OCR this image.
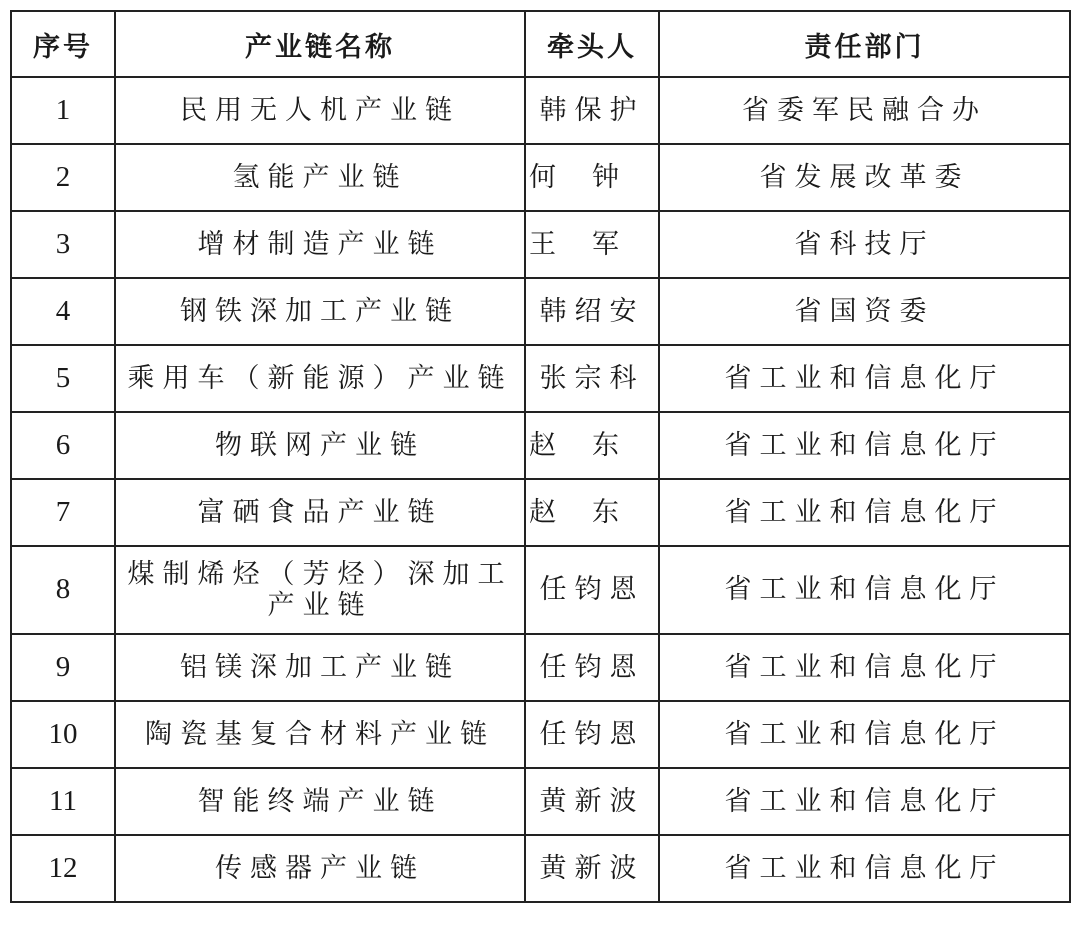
序号	产业链名称	牵头人	责任部门
1	民用无人机产业链	韩保护	省委军民融合办
2	氢能产业链	何钟	省发展改革委
3	增材制造产业链	王军	省科技厅
4	钢铁深加工产业链	韩绍安	省国资委
5	乘用车（新能源）产业链	张宗科	省工业和信息化厅
6	物联网产业链	赵东	省工业和信息化厅
7	富硒食品产业链	赵东	省工业和信息化厅
8	煤制烯烃（芳烃）深加工产业链	任钧恩	省工业和信息化厅
9	铝镁深加工产业链	任钧恩	省工业和信息化厅
10	陶瓷基复合材料产业链	任钧恩	省工业和信息化厅
11	智能终端产业链	黄新波	省工业和信息化厅
12	传感器产业链	黄新波	省工业和信息化厅
